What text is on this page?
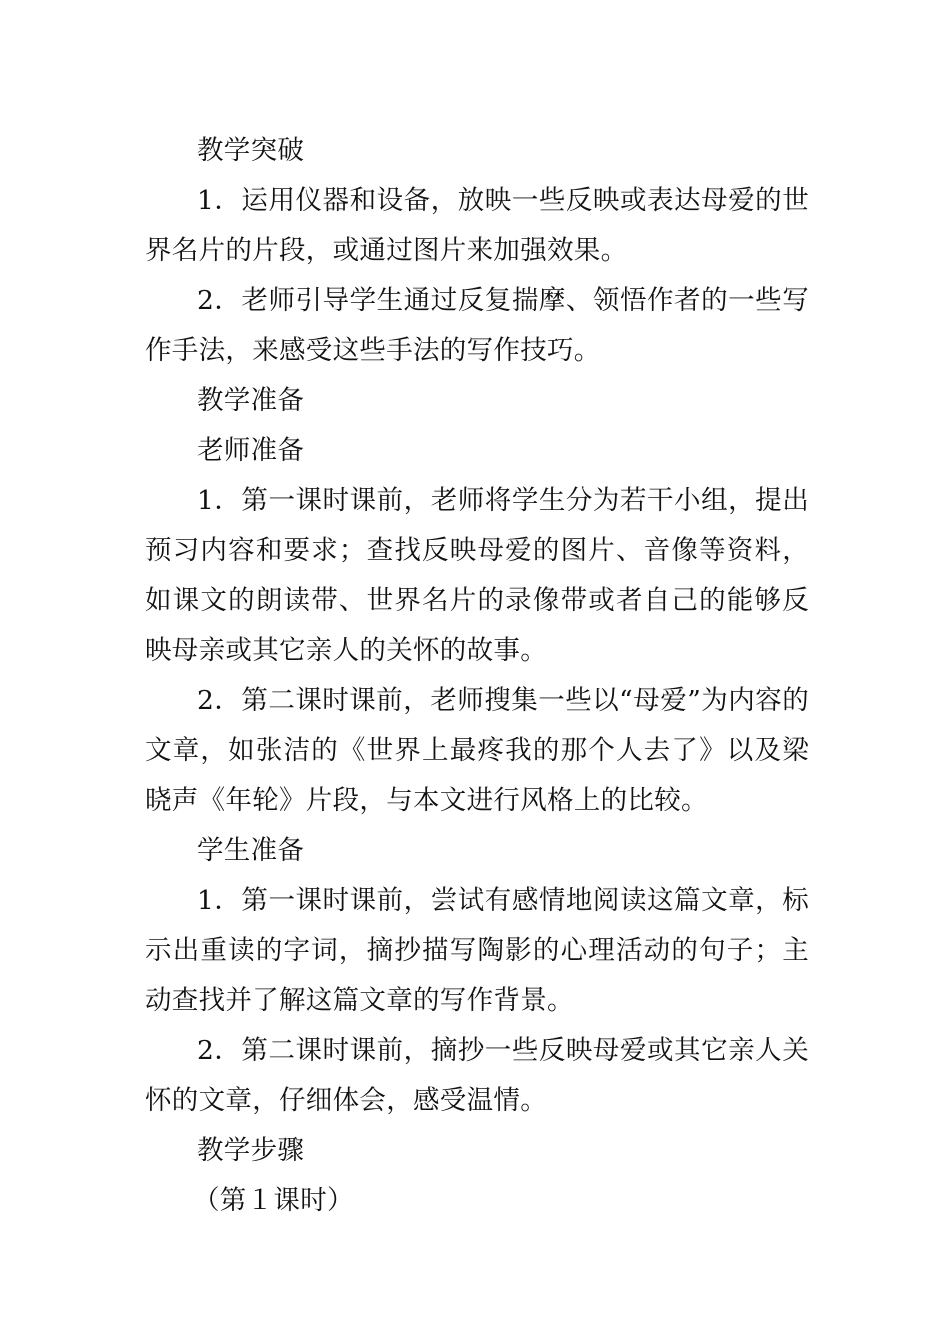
教学突破

1．运用仪器和设备，放映一些反映或表达母爱的世界名片的片段，或通过图片来加强效果。

2．老师引导学生通过反复揣摩、领悟作者的一些写作手法，来感受这些手法的写作技巧。

教学准备

老师准备

1．第一课时课前，老师将学生分为若干小组，提出预习内容和要求；查找反映母爱的图片、音像等资料，如课文的朗读带、世界名片的录像带或者自己的能够反映母亲或其它亲人的关怀的故事。

2．第二课时课前，老师搜集一些以“母爱”为内容的文章，如张洁的《世界上最疼我的那个人去了》以及梁晓声《年轮》片段，与本文进行风格上的比较。

学生准备

1．第一课时课前，尝试有感情地阅读这篇文章，标示出重读的字词，摘抄描写陶影的心理活动的句子；主动查找并了解这篇文章的写作背景。

2．第二课时课前，摘抄一些反映母爱或其它亲人关怀的文章，仔细体会，感受温情。

教学步骤

（第１课时）
